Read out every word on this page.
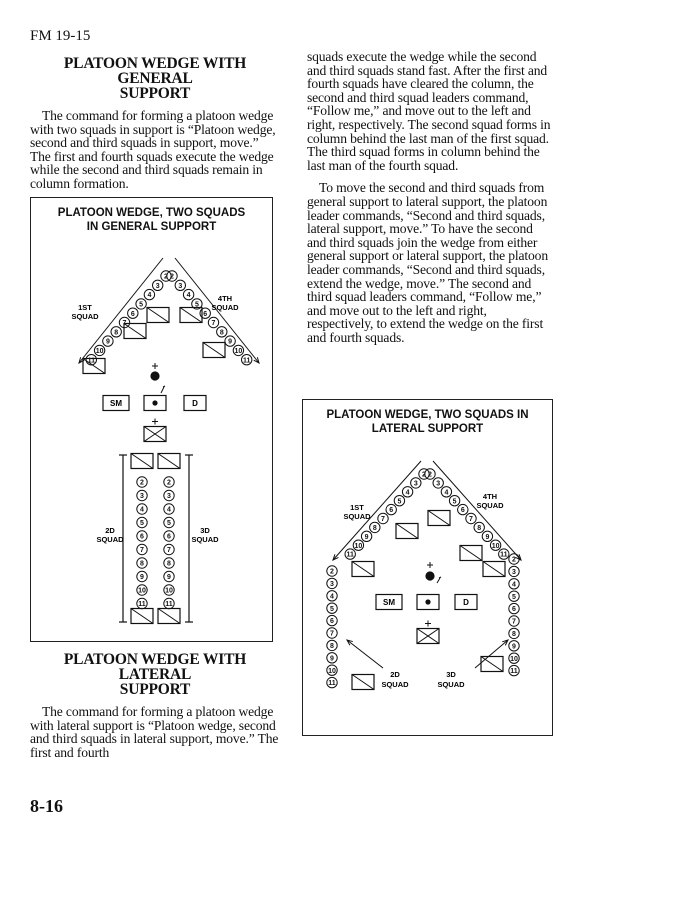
FM 19-15
PLATOON WEDGE WITH GENERAL
SUPPORT

The command for forming a platoon wedge with two squads in support is “Platoon wedge, second and third squads in support, move.” The first and fourth squads execute the wedge while the second and third squads remain in column formation.

PLATOON WEDGE, TWO SQUADS
IN GENERAL SUPPORT
2 2
3	3
4	4
5	5
6	6
7	7
8	8
9	9
10	10
11	11
2	2
3	3
4	4
5	5
6	6
7	7
8	8
9	9
10	10
11	11
1ST
SQUAD
4TH
SQUAD
2D
SQUAD
3D
SQUAD
SM	D
PLATOON WEDGE WITH LATERAL
SUPPORT

The command for forming a platoon wedge with lateral support is “Platoon wedge, second and third squads in lateral support, move.” The first and fourth

squads execute the wedge while the second and third squads stand fast. After the first and fourth squads have cleared the column, the second and third squad leaders command, “Follow me,” and move out to the left and right, respectively. The second squad forms in column behind the last man of the first squad. The third squad forms in column behind the last man of the fourth squad.

To move the second and third squads from general support to lateral support, the platoon leader commands, “Second and third squads, lateral support, move.” To have the second and third squads join the wedge from either general support or lateral support, the platoon leader commands, “Second and third squads, extend the wedge, move.” The second and third squad leaders command, “Follow me,” and move out to the left and right, respectively, to extend the wedge on the first and fourth squads.

PLATOON WEDGE, TWO SQUADS IN
LATERAL SUPPORT
2 2
3	3
4	4
5	5
6	6
7	7
8	8
9	9
10	10
11	11
2
2
3
3
4
4
5
5
6
6
7
7
8
8
9
9
10
10
11
11
1ST
SQUAD
4TH
SQUAD
2D
SQUAD
3D
SQUAD
SM	D
8-16
